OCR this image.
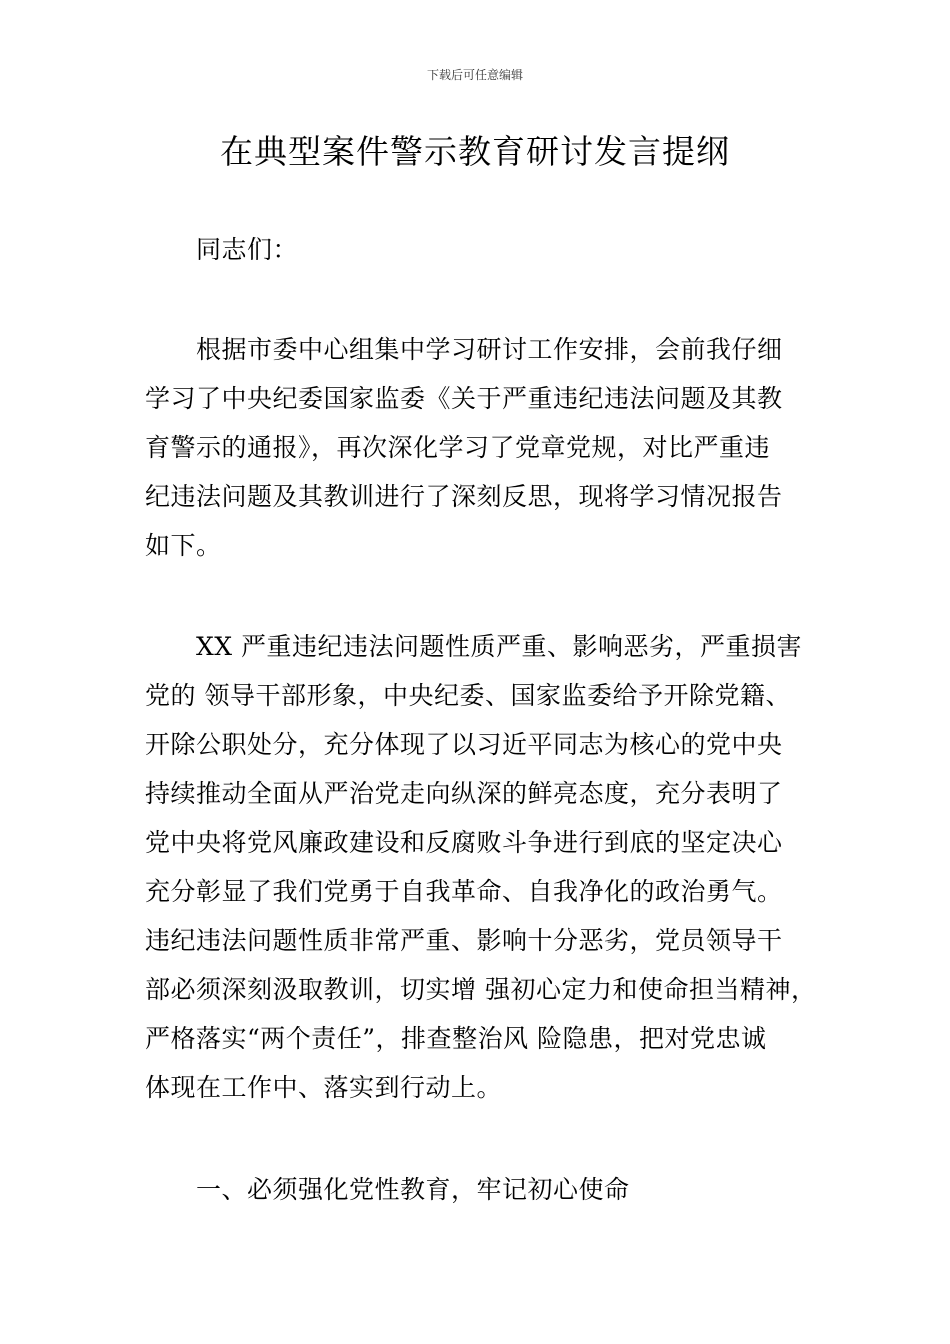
下载后可任意编辑
在典型案件警示教育研讨发言提纲
同志们：
根据市委中心组集中学习研讨工作安排，会前我仔细
学习了中央纪委国家监委《关于严重违纪违法问题及其教
育警示的通报》，再次深化学习了党章党规，对比严重违
纪违法问题及其教训进行了深刻反思，现将学习情况报告
如下。
XX 严重违纪违法问题性质严重、影响恶劣，严重损害
党的 领导干部形象，中央纪委、国家监委给予开除党籍、
开除公职处分，充分体现了以习近平同志为核心的党中央
持续推动全面从严治党走向纵深的鲜亮态度，充分表明了
党中央将党风廉政建设和反腐败斗争进行到底的坚定决心
充分彰显了我们党勇于自我革命、自我净化的政治勇气。
违纪违法问题性质非常严重、影响十分恶劣，党员领导干
部必须深刻汲取教训，切实增 强初心定力和使命担当精神，
严格落实“两个责任”，排查整治风 险隐患，把对党忠诚
体现在工作中、落实到行动上。
一、必须强化党性教育，牢记初心使命
